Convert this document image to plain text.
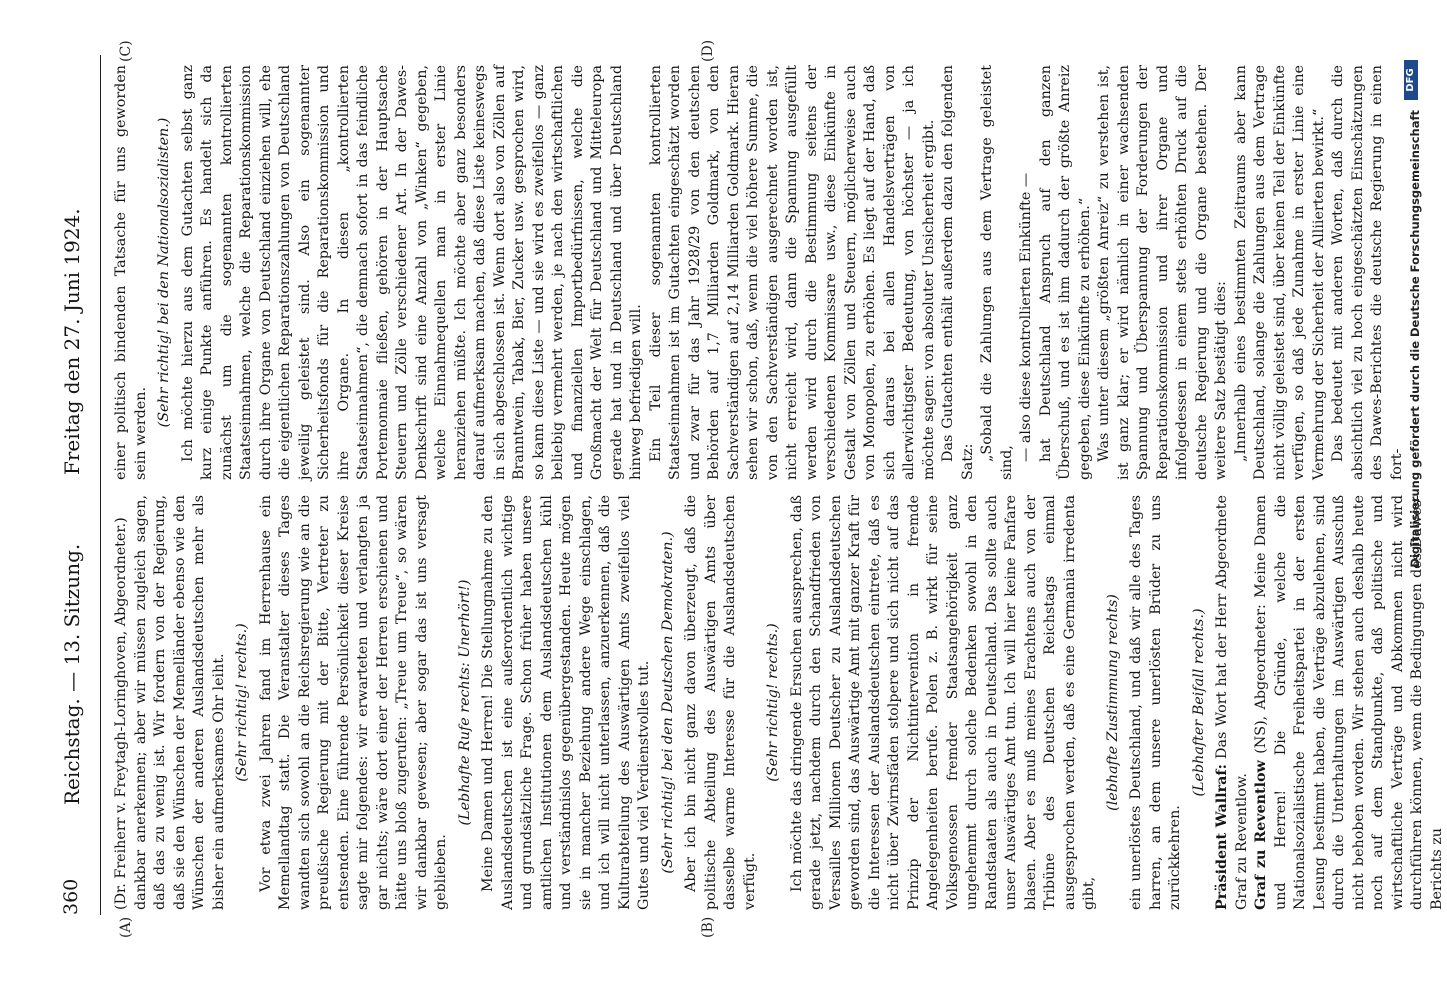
360
Reichstag. — 13. Sitzung.
Freitag den 27. Juni 1924.
(A)	(B)
(C)	(D)

(Dr. Freiherr v. Freytagh-Loringhoven, Abgeordneter.) dankbar anerkennen; aber wir müssen zugleich sagen, daß das zu wenig ist. Wir fordern von der Regierung, daß sie den Wünschen der Memelländer ebenso wie den Wünschen der anderen Auslandsdeutschen mehr als bisher ein aufmerksames Ohr leiht. (Sehr richtig! rechts.) Vor etwa zwei Jahren fand im Herrenhause ein Memellandtag statt. Die Veranstalter dieses Tages wandten sich sowohl an die Reichsregierung wie an die preußische Regierung mit der Bitte, Vertreter zu entsenden. Eine führende Persönlichkeit dieser Kreise sagte mir folgendes: wir erwarteten und verlangten ja gar nichts; wäre dort einer der Herren erschienen und hätte uns bloß zugerufen: „Treue um Treue“, so wären wir dankbar gewesen; aber sogar das ist uns versagt geblieben.

(Lebhafte Rufe rechts: Unerhört!) Meine Damen und Herren! Die Stellungnahme zu den Auslandsdeutschen ist eine außerordentlich wichtige und grundsätzliche Frage. Schon früher haben unsere amtlichen Institutionen dem Auslandsdeutschen kühl und verständnislos gegenübergestanden. Heute mögen sie in mancher Beziehung andere Wege einschlagen, und ich will nicht unterlassen, anzuerkennen, daß die Kulturabteilung des Auswärtigen Amts zweifellos viel Gutes und viel Verdienstvolles tut. (Sehr richtig! bei den Deutschen Demokraten.) Aber ich bin nicht ganz davon überzeugt, daß die politische Abteilung des Auswärtigen Amts über dasselbe warme Interesse für die Auslandsdeutschen verfügt.

(Sehr richtig! rechts.) Ich möchte das dringende Ersuchen aussprechen, daß gerade jetzt, nachdem durch den Schandfrieden von Versailles Millionen Deutscher zu Auslandsdeutschen geworden sind, das Auswärtige Amt mit ganzer Kraft für die Interessen der Auslandsdeutschen eintrete, daß es nicht über Zwirnsfäden stolpere und sich nicht auf das Prinzip der Nichtintervention in fremde Angelegenheiten berufe. Polen z. B. wirkt für seine Volksgenossen fremder Staatsangehörigkeit ganz ungehemmt durch solche Bedenken sowohl in den Randstaaten als auch in Deutschland. Das sollte auch unser Auswärtiges Amt tun. Ich will hier keine Fanfare blasen. Aber es muß meines Erachtens auch von der Tribüne des Deutschen Reichstags einmal ausgesprochen werden, daß es eine Germania irredenta gibt,

(lebhafte Zustimmung rechts) ein unerlöstes Deutschland, und daß wir alle des Tages harren, an dem unsere unerlösten Brüder zu uns zurückkehren.

(Lebhafter Beifall rechts.)

Präsident Wallraf: Das Wort hat der Herr Abgeordnete Graf zu Reventlow. Graf zu Reventlow (NS), Abgeordneter: Meine Damen und Herren! Die Gründe, welche die Nationalsozialistische Freiheitspartei in der ersten Lesung bestimmt haben, die Verträge abzulehnen, sind durch die Unterhaltungen im Auswärtigen Ausschuß nicht behoben worden. Wir stehen auch deshalb heute noch auf dem Standpunkte, daß politische und wirtschaftliche Verträge und Abkommen nicht wird durchführen können, wenn die Bedingungen des Dawes-Berichts zu

einer politisch bindenden Tatsache für uns geworden sein werden.

(Sehr richtig! bei den Nationalsozialisten.) Ich möchte hierzu aus dem Gutachten selbst ganz kurz einige Punkte anführen. Es handelt sich da zunächst um die sogenannten kontrollierten Staatseinnahmen, welche die Reparationskommission durch ihre Organe von Deutschland einziehen will, ehe die eigentlichen Reparationszahlungen von Deutschland jeweilig geleistet sind. Also ein sogenannter Sicherheitsfonds für die Reparationskommission und ihre Organe. In diesen „kontrollierten Staatseinnahmen“, die demnach sofort in das feindliche Portemonnaie fließen, gehören in der Hauptsache Steuern und Zölle verschiedener Art. In der Dawes-Denkschrift sind eine Anzahl von „Winken“ gegeben, welche Einnahmequellen man in erster Linie heranziehen müßte. Ich möchte aber ganz besonders darauf aufmerksam machen, daß diese Liste keineswegs in sich abgeschlossen ist. Wenn dort also von Zöllen auf Branntwein, Tabak, Bier, Zucker usw. gesprochen wird, so kann diese Liste — und sie wird es zweifellos — ganz beliebig vermehrt werden, je nach den wirtschaftlichen und finanziellen Importbedürfnissen, welche die Großmacht der Welt für Deutschland und Mitteleuropa gerade hat und in Deutschland und über Deutschland hinweg befriedigen will. Ein Teil dieser sogenannten kontrollierten Staatseinnahmen ist im Gutachten eingeschätzt worden und zwar für das Jahr 1928/29 von den deutschen Behörden auf 1,7 Milliarden Goldmark, von den Sachverständigen auf 2,14 Milliarden Goldmark. Hieran sehen wir schon, daß, wenn die viel höhere Summe, die von den Sachverständigen ausgerechnet worden ist, nicht erreicht wird, dann die Spannung ausgefüllt werden wird durch die Bestimmung seitens der verschiedenen Kommissare usw., diese Einkünfte in Gestalt von Zöllen und Steuern, möglicherweise auch von Monopolen, zu erhöhen. Es liegt auf der Hand, daß sich daraus bei allen Handelsverträgen von allerwichtigster Bedeutung, von höchster — ja ich möchte sagen: von absoluter Unsicherheit ergibt. Das Gutachten enthält außerdem dazu den folgenden Satz: „Sobald die Zahlungen aus dem Vertrage geleistet sind,

— also diese kontrollierten Einkünfte — hat Deutschland Anspruch auf den ganzen Überschuß, und es ist ihm dadurch der größte Anreiz gegeben, diese Einkünfte zu erhöhen.“ Was unter diesem „größten Anreiz“ zu verstehen ist, ist ganz klar; er wird nämlich in einer wachsenden Spannung und Überspannung der Forderungen der Reparationskommission und ihrer Organe und infolgedessen in einem stets erhöhten Druck auf die deutsche Regierung und die Organe bestehen. Der weitere Satz bestätigt dies: „Innerhalb eines bestimmten Zeitraums aber kann Deutschland, solange die Zahlungen aus dem Vertrage nicht völlig geleistet sind, über keinen Teil der Einkünfte verfügen, so daß jede Zunahme in erster Linie eine Vermehrung der Sicherheit der Alliierten bewirkt.“ Das bedeutet mit anderen Worten, daß durch die absichtlich viel zu hoch eingeschätzten Einschätzungen des Dawes-Berichtes die deutsche Regierung in einen fort- Digitalisierung gefördert durch die Deutsche Forschungsgemeinschaft
DFG
